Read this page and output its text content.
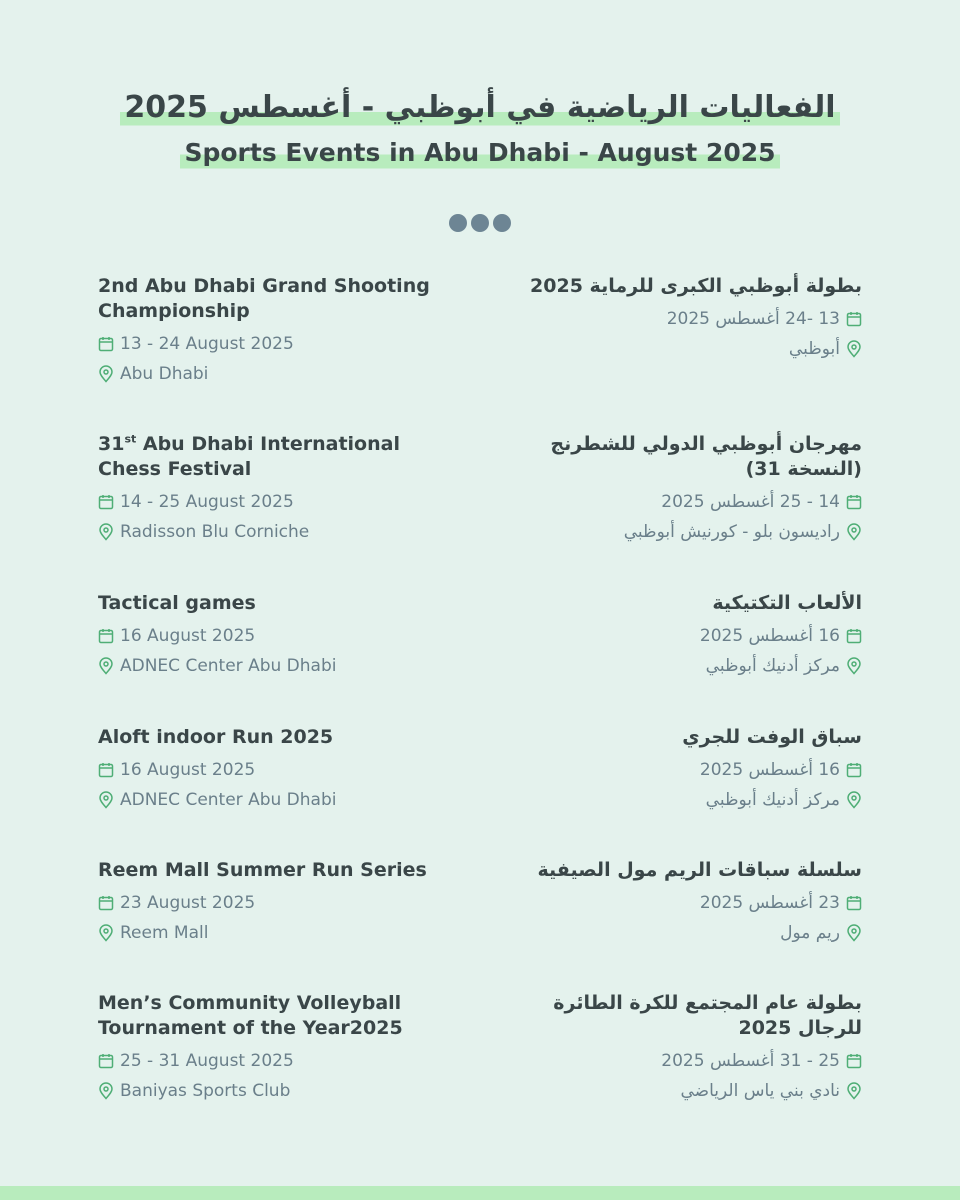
الفعاليات الرياضية في أبوظبي - أغسطس 2025
Sports Events in Abu Dhabi - August 2025

2nd Abu Dhabi Grand Shooting Championship
13 - 24 August 2025
Abu Dhabi
بطولة أبوظبي الكبرى للرماية 2025
13 -24 أغسطس 2025
أبوظبي
31st Abu Dhabi International Chess Festival
14 - 25 August 2025
Radisson Blu Corniche
مهرجان أبوظبي الدولي للشطرنج (النسخة 31)
14 - 25 أغسطس 2025
راديسون بلو - كورنيش أبوظبي
Tactical games
16 August 2025
ADNEC Center Abu Dhabi
الألعاب التكتيكية
16 أغسطس 2025
مركز أدنيك أبوظبي
Aloft indoor Run 2025
16 August 2025
ADNEC Center Abu Dhabi
سباق الوفت للجري
16 أغسطس 2025
مركز أدنيك أبوظبي
Reem Mall Summer Run Series
23 August 2025
Reem Mall
سلسلة سباقات الريم مول الصيفية
23 أغسطس 2025
ريم مول
Men’s Community Volleyball Tournament of the Year2025
25 - 31 August 2025
Baniyas Sports Club
بطولة عام المجتمع للكرة الطائرة للرجال 2025
25 - 31 أغسطس 2025
نادي بني ياس الرياضي
